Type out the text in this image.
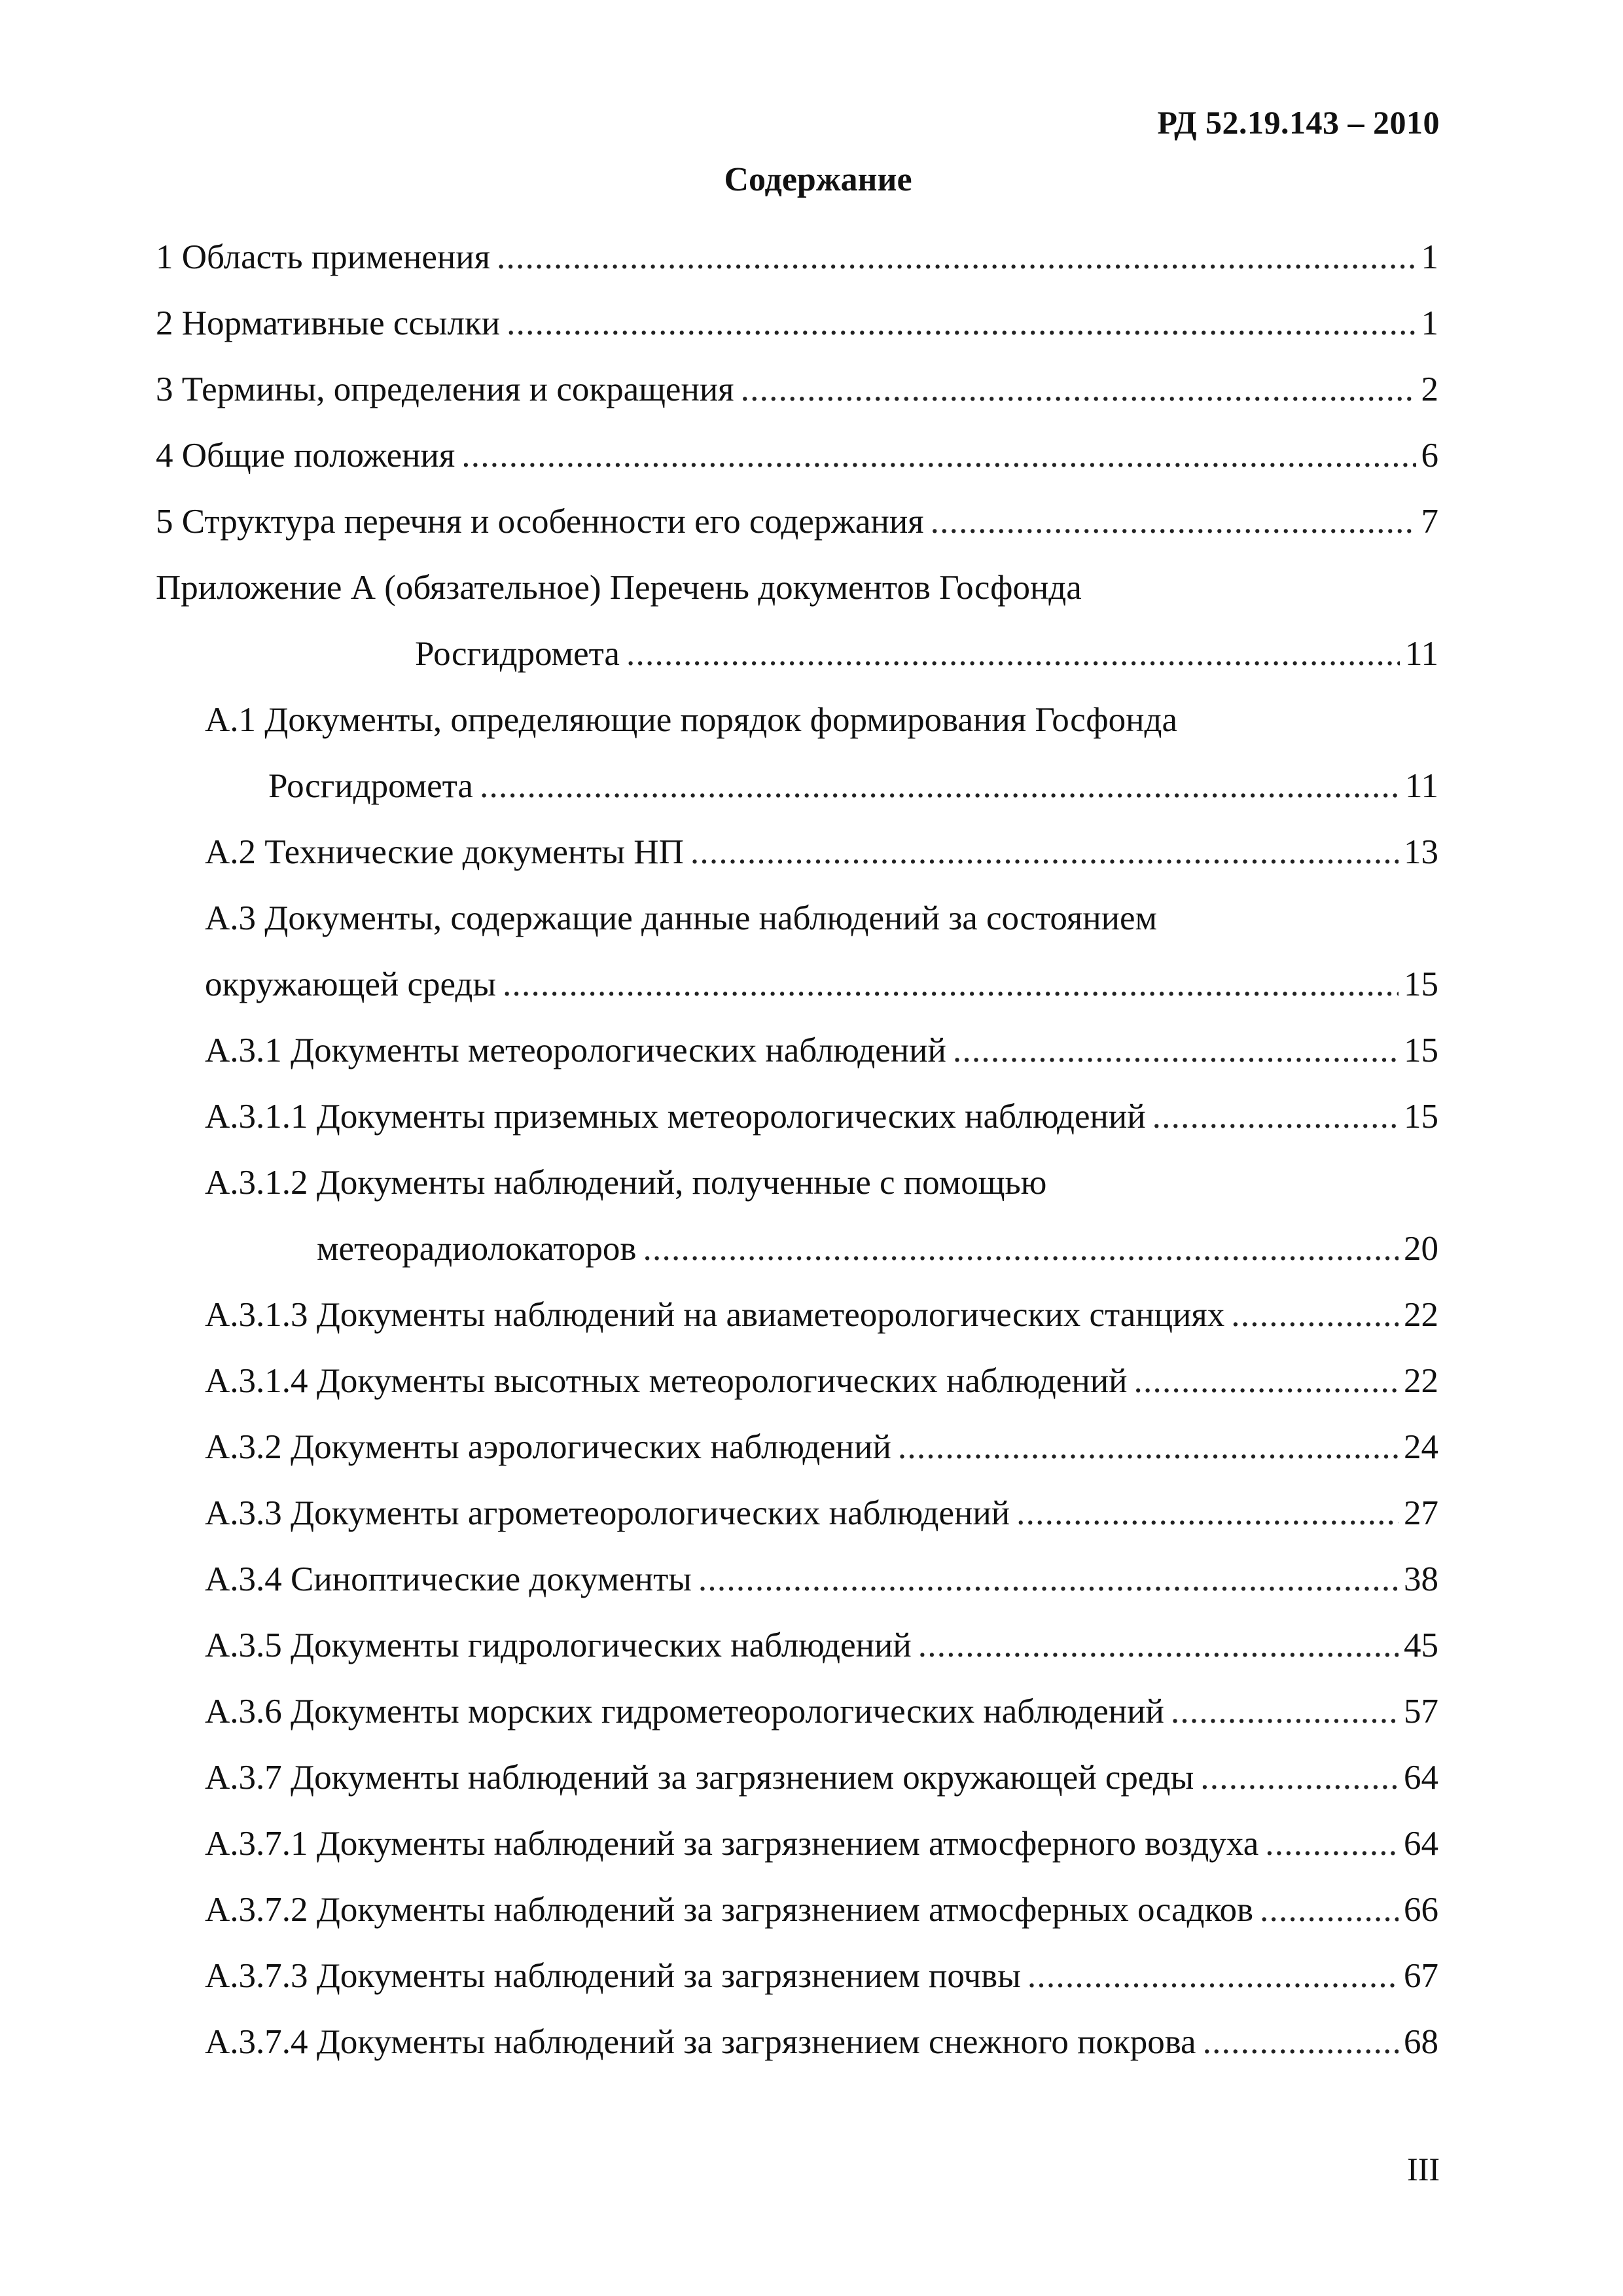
РД 52.19.143 – 2010
Содержание
1 Область применения . . .	1
2 Нормативные ссылки . . .	1
3 Термины, определения и сокращения . . .	2
4 Общие положения . . .	6
5 Структура перечня и особенности его содержания . . .	7
Приложение А (обязательное) Перечень документов Госфонда
Росгидромета . . .	11
А.1 Документы, определяющие порядок формирования Госфонда
Росгидромета . . .	11
А.2 Технические документы НП . . .	13
А.3 Документы, содержащие данные наблюдений за состоянием
окружающей среды . . .	15
А.3.1 Документы метеорологических наблюдений . . .	15
А.3.1.1 Документы приземных метеорологических наблюдений . . .	15
А.3.1.2 Документы наблюдений, полученные с помощью
метеорадиолокаторов . . .	20
А.3.1.3 Документы наблюдений на авиаметеорологических станциях . . .	22
А.3.1.4 Документы высотных метеорологических наблюдений . . .	22
А.3.2 Документы аэрологических наблюдений . . .	24
А.3.3 Документы агрометеорологических наблюдений . . .	27
А.3.4 Синоптические документы . . .	38
А.3.5 Документы гидрологических наблюдений . . .	45
А.3.6 Документы морских гидрометеорологических наблюдений . . .	57
А.3.7 Документы наблюдений за загрязнением окружающей среды . . .	64
А.3.7.1 Документы наблюдений за загрязнением атмосферного воздуха . . .	64
А.3.7.2 Документы наблюдений за загрязнением атмосферных осадков . . .	66
А.3.7.3 Документы наблюдений за загрязнением почвы . . .	67
А.3.7.4 Документы наблюдений за загрязнением снежного покрова . . .	68
III
